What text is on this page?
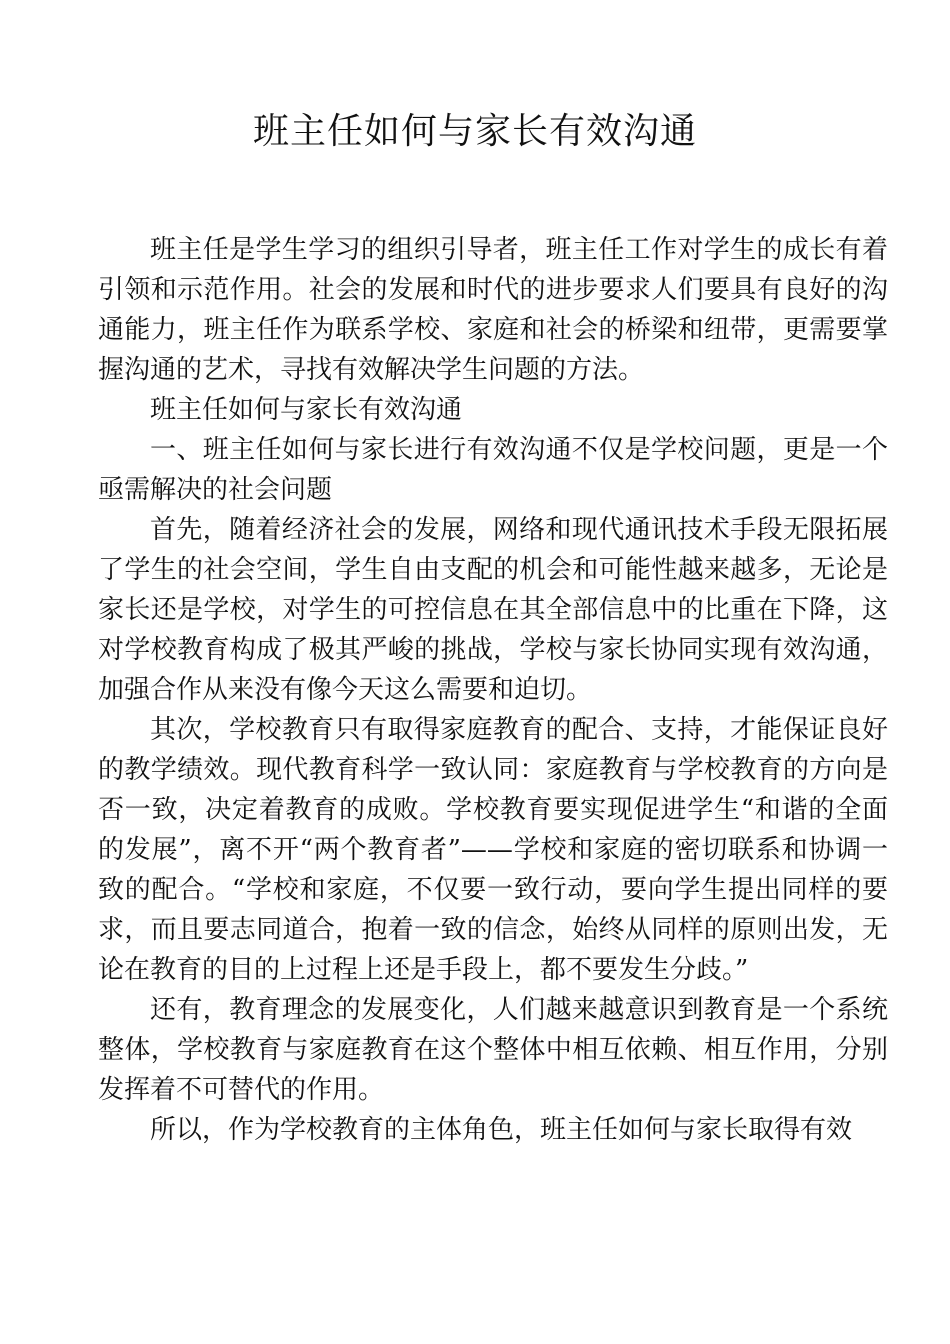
班主任如何与家长有效沟通

班主任是学生学习的组织引导者，班主任工作对学生的成长有着引领和示范作用。社会的发展和时代的进步要求人们要具有良好的沟通能力，班主任作为联系学校、家庭和社会的桥梁和纽带，更需要掌握沟通的艺术，寻找有效解决学生问题的方法。

班主任如何与家长有效沟通

一、班主任如何与家长进行有效沟通不仅是学校问题，更是一个亟需解决的社会问题

首先，随着经济社会的发展，网络和现代通讯技术手段无限拓展了学生的社会空间，学生自由支配的机会和可能性越来越多，无论是家长还是学校，对学生的可控信息在其全部信息中的比重在下降，这对学校教育构成了极其严峻的挑战，学校与家长协同实现有效沟通，加强合作从来没有像今天这么需要和迫切。

其次，学校教育只有取得家庭教育的配合、支持，才能保证良好的教学绩效。现代教育科学一致认同：家庭教育与学校教育的方向是否一致，决定着教育的成败。学校教育要实现促进学生“和谐的全面的发展”，离不开“两个教育者”——学校和家庭的密切联系和协调一致的配合。“学校和家庭，不仅要一致行动，要向学生提出同样的要求，而且要志同道合，抱着一致的信念，始终从同样的原则出发，无论在教育的目的上过程上还是手段上，都不要发生分歧。”

还有，教育理念的发展变化，人们越来越意识到教育是一个系统整体，学校教育与家庭教育在这个整体中相互依赖、相互作用，分别发挥着不可替代的作用。

所以，作为学校教育的主体角色，班主任如何与家长取得有效
